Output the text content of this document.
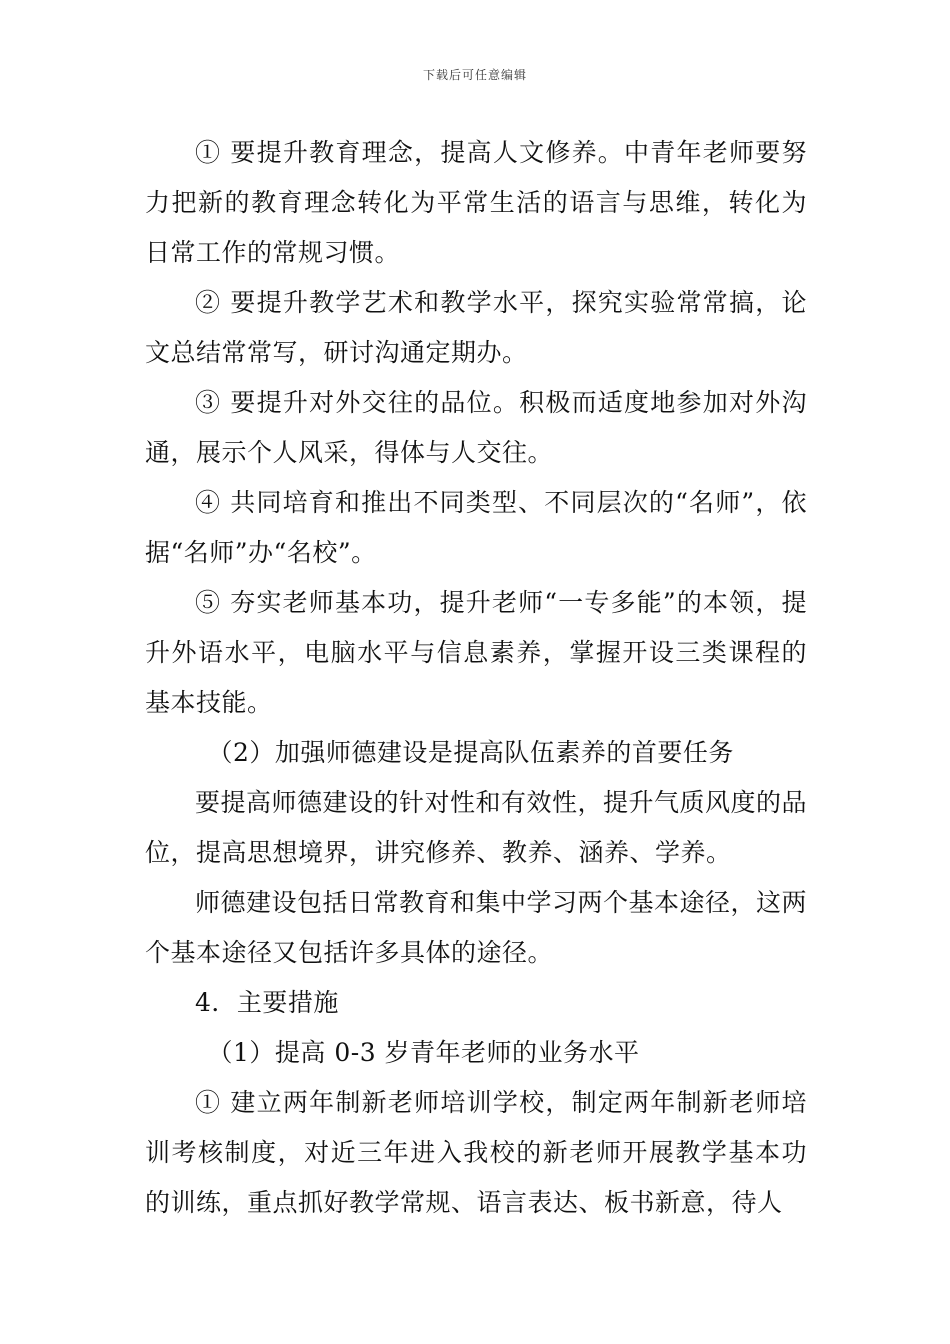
下载后可任意编辑

① 要提升教育理念，提高人文修养。中青年老师要努力把新的教育理念转化为平常生活的语言与思维，转化为日常工作的常规习惯。

② 要提升教学艺术和教学水平，探究实验常常搞，论文总结常常写，研讨沟通定期办。

③ 要提升对外交往的品位。积极而适度地参加对外沟通，展示个人风采，得体与人交往。

④ 共同培育和推出不同类型、不同层次的“名师”，依据“名师”办“名校”。

⑤ 夯实老师基本功，提升老师“一专多能”的本领，提升外语水平，电脑水平与信息素养，掌握开设三类课程的基本技能。

（2）加强师德建设是提高队伍素养的首要任务

要提高师德建设的针对性和有效性，提升气质风度的品位，提高思想境界，讲究修养、教养、涵养、学养。

师德建设包括日常教育和集中学习两个基本途径，这两个基本途径又包括许多具体的途径。

4．主要措施

（1）提高 0-3 岁青年老师的业务水平

① 建立两年制新老师培训学校，制定两年制新老师培训考核制度，对近三年进入我校的新老师开展教学基本功的训练，重点抓好教学常规、语言表达、板书新意，待人
